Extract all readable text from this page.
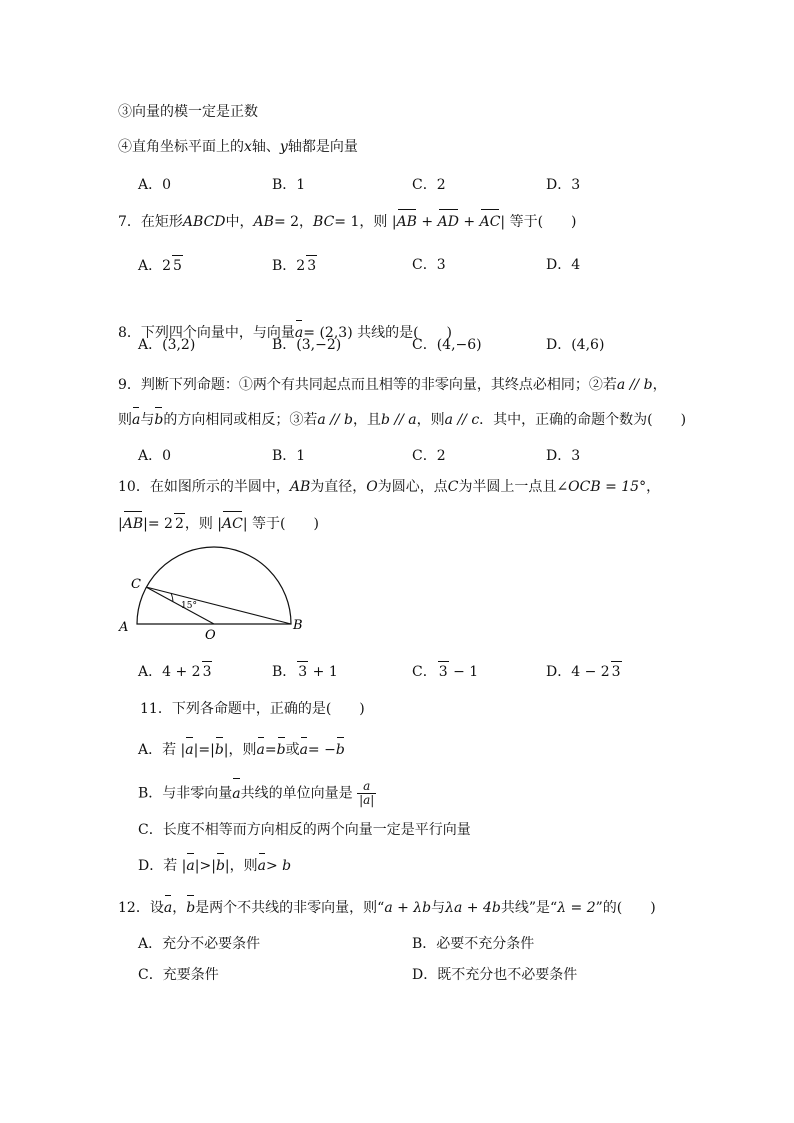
③向量的模一定是正数
④直角坐标平面上的x轴、y轴都是向量
A．0	B．1	C．2	D．3
7．在矩形ABCD中，AB= 2，BC= 1，则 |AB + AD + AC| 等于(　　)
A．2 5	B．2 3	C．3	D．4
8．下列四个向量中，与向量a= (2,3) 共线的是(　　)
A．(3,2)	B．(3,−2)	C．(4,−6)	D．(4,6)
9．判断下列命题：①两个有共同起点而且相等的非零向量，其终点必相同；②若a // b，
则a与b的方向相同或相反；③若a // b，且b // a，则a // c．其中，正确的命题个数为(　　)
A．0	B．1	C．2	D．3
10．在如图所示的半圆中，AB为直径，O为圆心，点C为半圆上一点且∠OCB = 15°，
|AB|= 2 2，则 |AC| 等于(　　)
C
A
O
B
15°
A．4 + 2 3	B． 3 + 1	C． 3 − 1	D．4 − 2 3
11．下列各命题中，正确的是(　　)
A．若 |a|=|b|，则a=b或a= −b
B．与非零向量a共线的单位向量是 $\frac{a}{|a|}$
C．长度不相等而方向相反的两个向量一定是平行向量
D．若 |a|>|b|，则a> b
12．设a，b是两个不共线的非零向量，则“a + λb与λa + 4b共线”是“λ = 2”的(　　)
A．充分不必要条件	B．必要不充分条件
C．充要条件	D．既不充分也不必要条件
